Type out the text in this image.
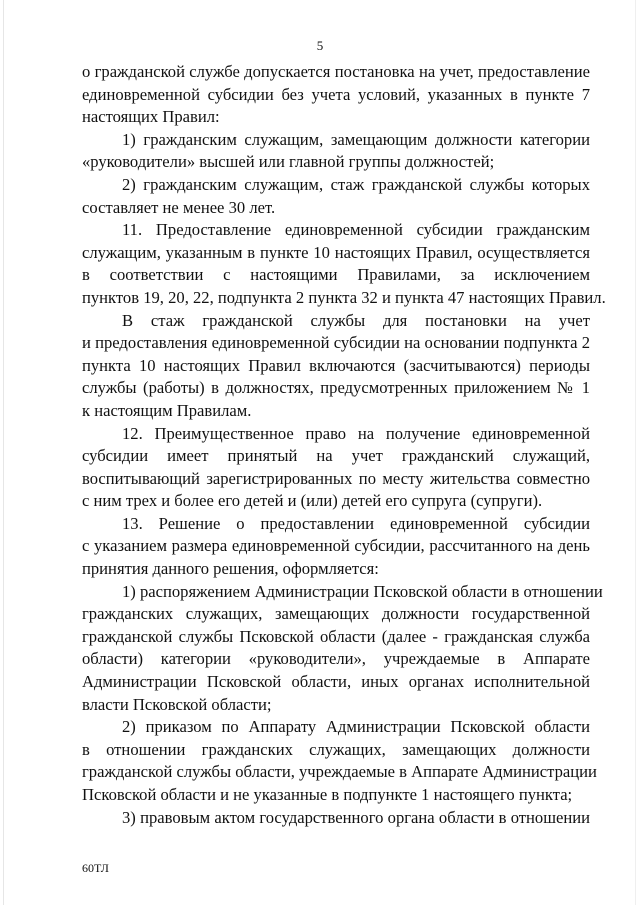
5
о гражданской службе допускается постановка на учет, предоставление
единовременной субсидии без учета условий, указанных в пункте 7
настоящих Правил:
1) гражданским служащим, замещающим должности категории
«руководители» высшей или главной группы должностей;
2) гражданским служащим, стаж гражданской службы которых
составляет не менее 30 лет.
11. Предоставление единовременной субсидии гражданским
служащим, указанным в пункте 10 настоящих Правил, осуществляется
в соответствии с настоящими Правилами, за исключением
пунктов 19, 20, 22, подпункта 2 пункта 32 и пункта 47 настоящих Правил.
В стаж гражданской службы для постановки на учет
и предоставления единовременной субсидии на основании подпункта 2
пункта 10 настоящих Правил включаются (засчитываются) периоды
службы (работы) в должностях, предусмотренных приложением № 1
к настоящим Правилам.
12. Преимущественное право на получение единовременной
субсидии имеет принятый на учет гражданский служащий,
воспитывающий зарегистрированных по месту жительства совместно
с ним трех и более его детей и (или) детей его супруга (супруги).
13. Решение о предоставлении единовременной субсидии
с указанием размера единовременной субсидии, рассчитанного на день
принятия данного решения, оформляется:
1) распоряжением Администрации Псковской области в отношении
гражданских служащих, замещающих должности государственной
гражданской службы Псковской области (далее - гражданская служба
области) категории «руководители», учреждаемые в Аппарате
Администрации Псковской области, иных органах исполнительной
власти Псковской области;
2) приказом по Аппарату Администрации Псковской области
в отношении гражданских служащих, замещающих должности
гражданской службы области, учреждаемые в Аппарате Администрации
Псковской области и не указанные в подпункте 1 настоящего пункта;
3) правовым актом государственного органа области в отношении
60ТЛ
